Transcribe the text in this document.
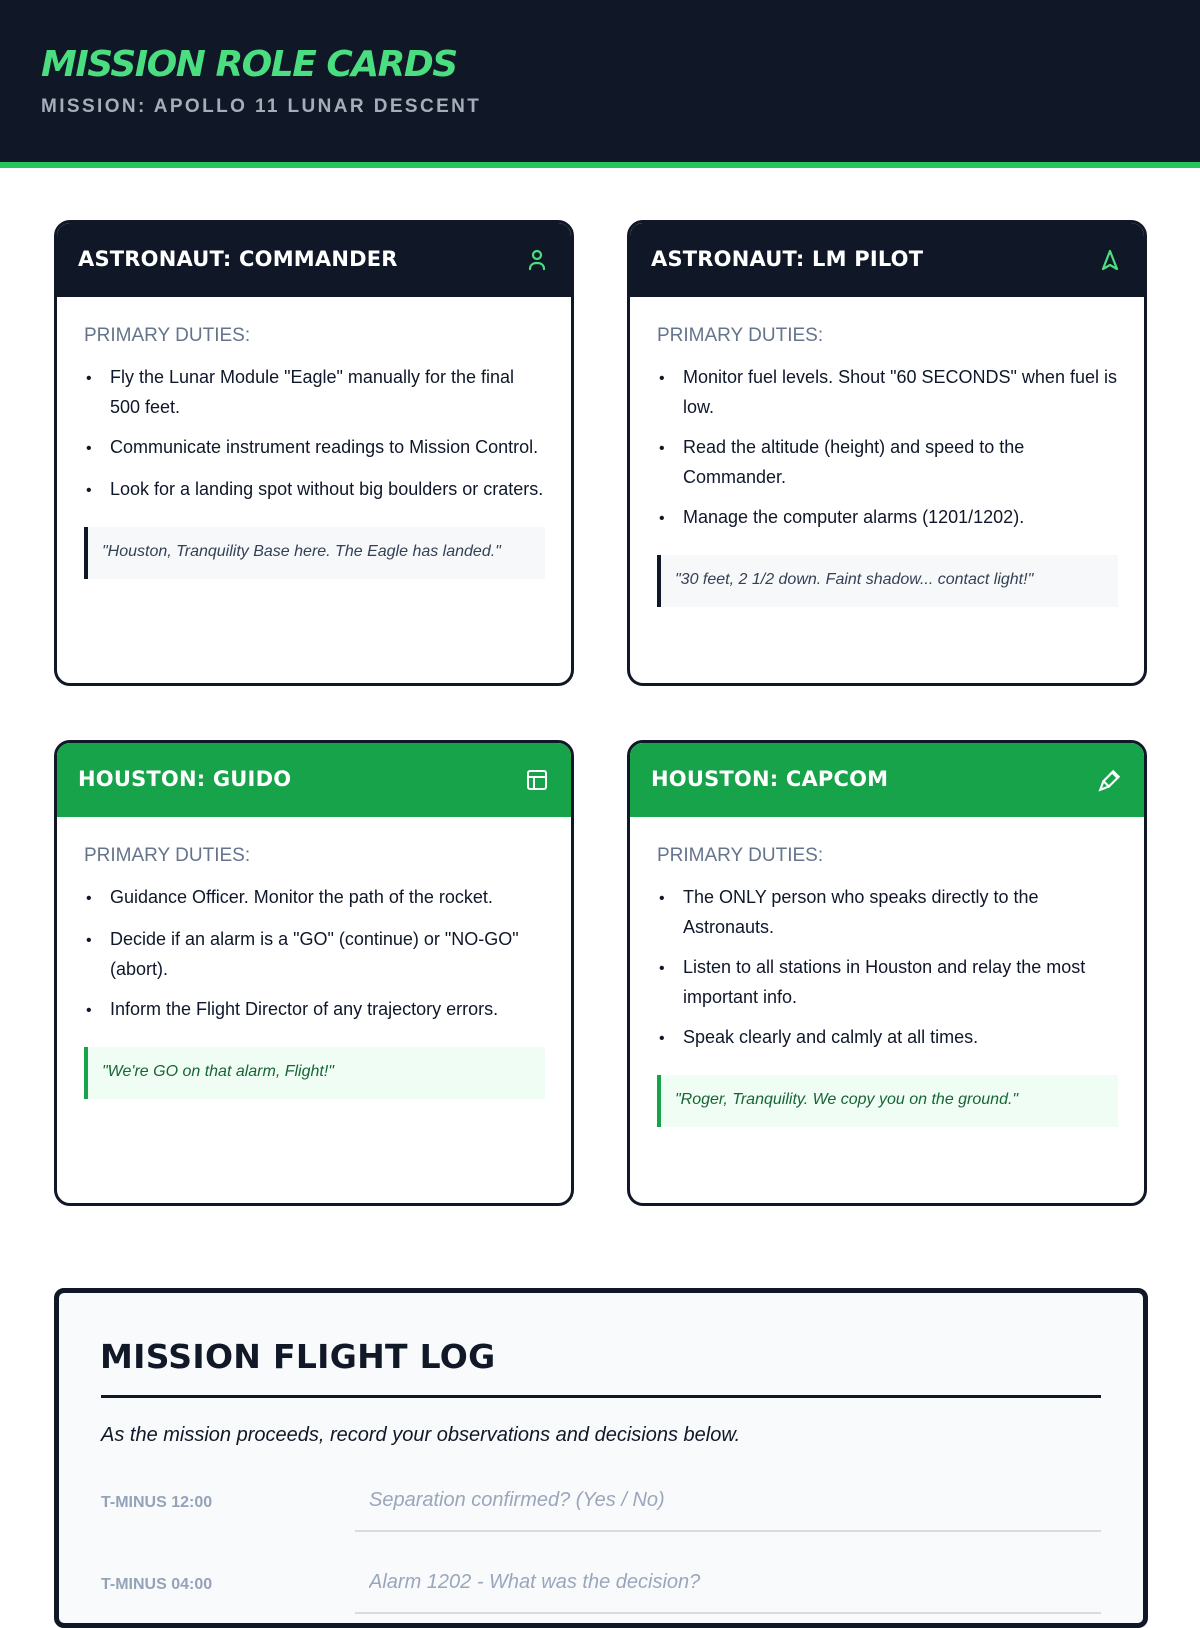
MISSION ROLE CARDS
MISSION: APOLLO 11 LUNAR DESCENT
ASTRONAUT: COMMANDER
PRIMARY DUTIES:
• Fly the Lunar Module "Eagle" manually for the final 500 feet.
• Communicate instrument readings to Mission Control.
• Look for a landing spot without big boulders or craters.
"Houston, Tranquility Base here. The Eagle has landed."
ASTRONAUT: LM PILOT
PRIMARY DUTIES:
• Monitor fuel levels. Shout "60 SECONDS" when fuel is low.
• Read the altitude (height) and speed to the Commander.
• Manage the computer alarms (1201/1202).
"30 feet, 2 1/2 down. Faint shadow... contact light!"
HOUSTON: GUIDO
PRIMARY DUTIES:
• Guidance Officer. Monitor the path of the rocket.
• Decide if an alarm is a "GO" (continue) or "NO-GO" (abort).
• Inform the Flight Director of any trajectory errors.
"We're GO on that alarm, Flight!"
HOUSTON: CAPCOM
PRIMARY DUTIES:
• The ONLY person who speaks directly to the Astronauts.
• Listen to all stations in Houston and relay the most important info.
• Speak clearly and calmly at all times.
"Roger, Tranquility. We copy you on the ground."
MISSION FLIGHT LOG

As the mission proceeds, record your observations and decisions below.

T-MINUS 12:00
Separation confirmed? (Yes / No)
T-MINUS 04:00
Alarm 1202 - What was the decision?
